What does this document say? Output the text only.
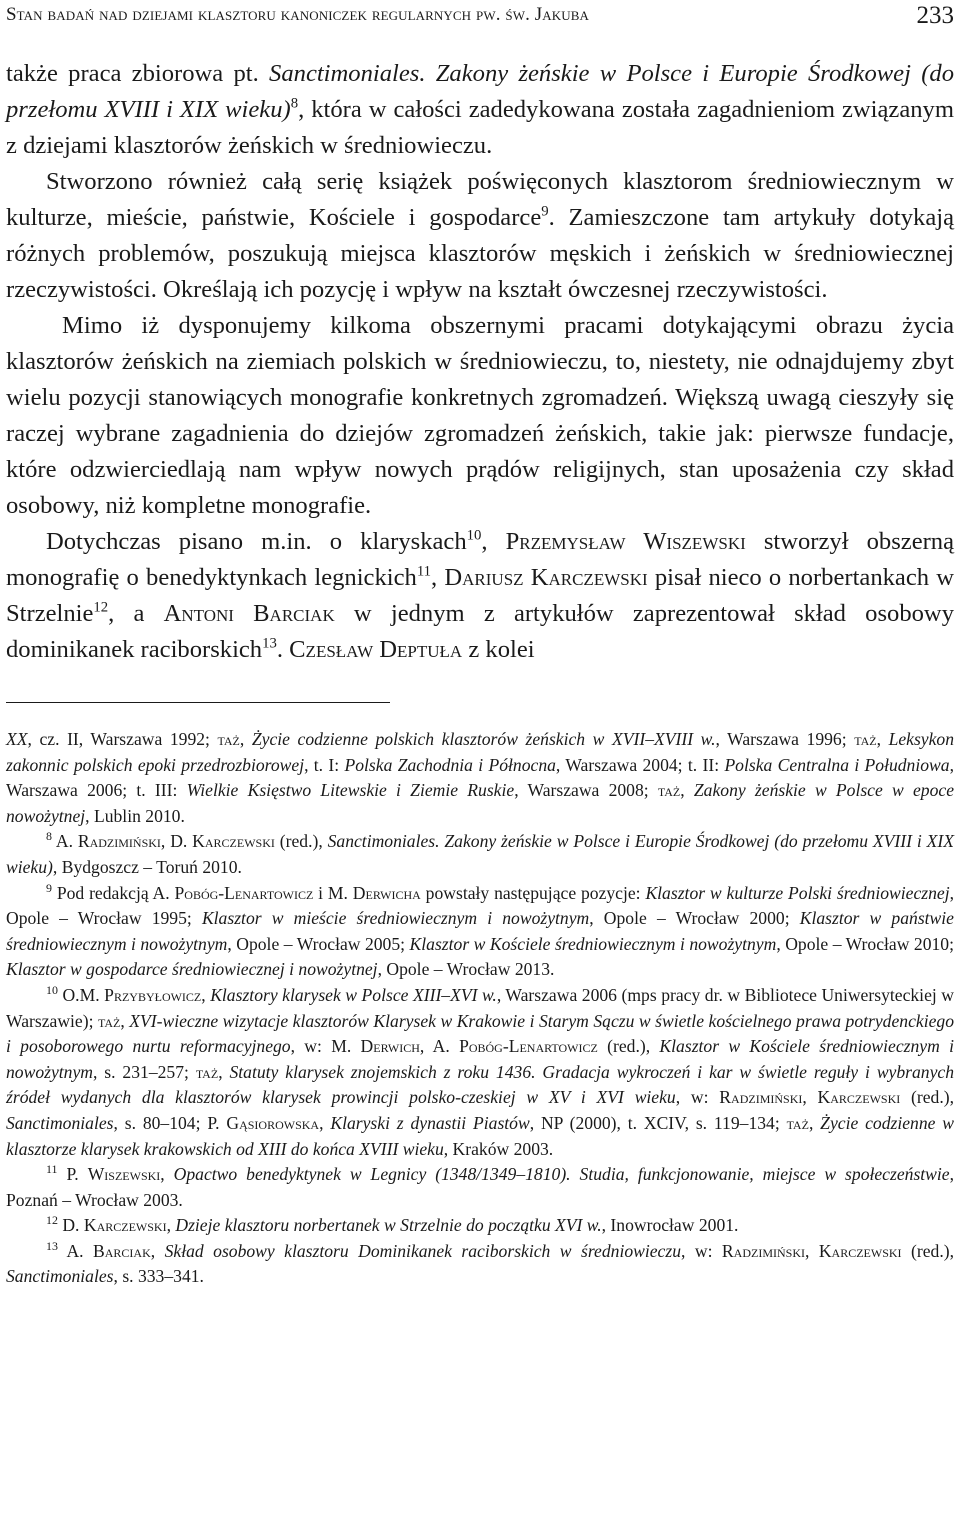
Stan badań nad dziejami klasztoru kanoniczek regularnych pw. św. Jakuba	233

także praca zbiorowa pt. Sanctimoniales. Zakony żeńskie w Polsce i Europie Środkowej (do przełomu XVIII i XIX wieku)$^8$, która w całości zadedykowana została zagadnieniom związanym z dziejami klasztorów żeńskich w średniowieczu.

Stworzono również całą serię książek poświęconych klasztorom średniowiecznym w kulturze, mieście, państwie, Kościele i gospodarce$^9$. Zamieszczone tam artykuły dotykają różnych problemów, poszukują miejsca klasztorów męskich i żeńskich w średniowiecznej rzeczywistości. Określają ich pozycję i wpływ na kształt ówczesnej rzeczywistości.

Mimo iż dysponujemy kilkoma obszernymi pracami dotykającymi obrazu życia klasztorów żeńskich na ziemiach polskich w średniowieczu, to, niestety, nie odnajdujemy zbyt wielu pozycji stanowiących monografie konkretnych zgromadzeń. Większą uwagą cieszyły się raczej wybrane zagadnienia do dziejów zgromadzeń żeńskich, takie jak: pierwsze fundacje, które odzwierciedlają nam wpływ nowych prądów religijnych, stan uposażenia czy skład osobowy, niż kompletne monografie.

Dotychczas pisano m.in. o klaryskach$^{10}$, Przemysław Wiszewski stworzył obszerną monografię o benedyktynkach legnickich$^{11}$, Dariusz Karczewski pisał nieco o norbertankach w Strzelnie$^{12}$, a Antoni Barciak w jednym z artykułów zaprezentował skład osobowy dominikanek raciborskich$^{13}$. Czesław Deptuła z kolei

XX, cz. II, Warszawa 1992; taż, Życie codzienne polskich klasztorów żeńskich w XVII–XVIII w., Warszawa 1996; taż, Leksykon zakonnic polskich epoki przedrozbiorowej, t. I: Polska Zachodnia i Północna, Warszawa 2004; t. II: Polska Centralna i Południowa, Warszawa 2006; t. III: Wielkie Księstwo Litewskie i Ziemie Ruskie, Warszawa 2008; taż, Zakony żeńskie w Polsce w epoce nowożytnej, Lublin 2010.

$^8$ A. Radzimiński, D. Karczewski (red.), Sanctimoniales. Zakony żeńskie w Polsce i Europie Środkowej (do przełomu XVIII i XIX wieku), Bydgoszcz – Toruń 2010.

$^9$ Pod redakcją A. Pobóg-Lenartowicz i M. Derwicha powstały następujące pozycje: Klasztor w kulturze Polski średniowiecznej, Opole – Wrocław 1995; Klasztor w mieście średniowiecznym i nowożytnym, Opole – Wrocław 2000; Klasztor w państwie średniowiecznym i nowożytnym, Opole – Wrocław 2005; Klasztor w Kościele średniowiecznym i nowożytnym, Opole – Wrocław 2010; Klasztor w gospodarce średniowiecznej i nowożytnej, Opole – Wrocław 2013.

$^{10}$ O.M. Przybyłowicz, Klasztory klarysek w Polsce XIII–XVI w., Warszawa 2006 (mps pracy dr. w Bibliotece Uniwersyteckiej w Warszawie); taż, XVI-wieczne wizytacje klasztorów Klarysek w Krakowie i Starym Sączu w świetle kościelnego prawa potrydenckiego i posoborowego nurtu reformacyjnego, w: M. Derwich, A. Pobóg-Lenartowicz (red.), Klasztor w Kościele średniowiecznym i nowożytnym, s. 231–257; taż, Statuty klarysek znojemskich z roku 1436. Gradacja wykroczeń i kar w świetle reguły i wybranych źródeł wydanych dla klasztorów klarysek prowincji polsko-czeskiej w XV i XVI wieku, w: Radzimiński, Karczewski (red.), Sanctimoniales, s. 80–104; P. Gąsiorowska, Klaryski z dynastii Piastów, NP (2000), t. XCIV, s. 119–134; taż, Życie codzienne w klasztorze klarysek krakowskich od XIII do końca XVIII wieku, Kraków 2003.

$^{11}$ P. Wiszewski, Opactwo benedyktynek w Legnicy (1348/1349–1810). Studia, funkcjonowanie, miejsce w społeczeństwie, Poznań – Wrocław 2003.

$^{12}$ D. Karczewski, Dzieje klasztoru norbertanek w Strzelnie do początku XVI w., Inowrocław 2001.

$^{13}$ A. Barciak, Skład osobowy klasztoru Dominikanek raciborskich w średniowieczu, w: Radzimiński, Karczewski (red.), Sanctimoniales, s. 333–341.
